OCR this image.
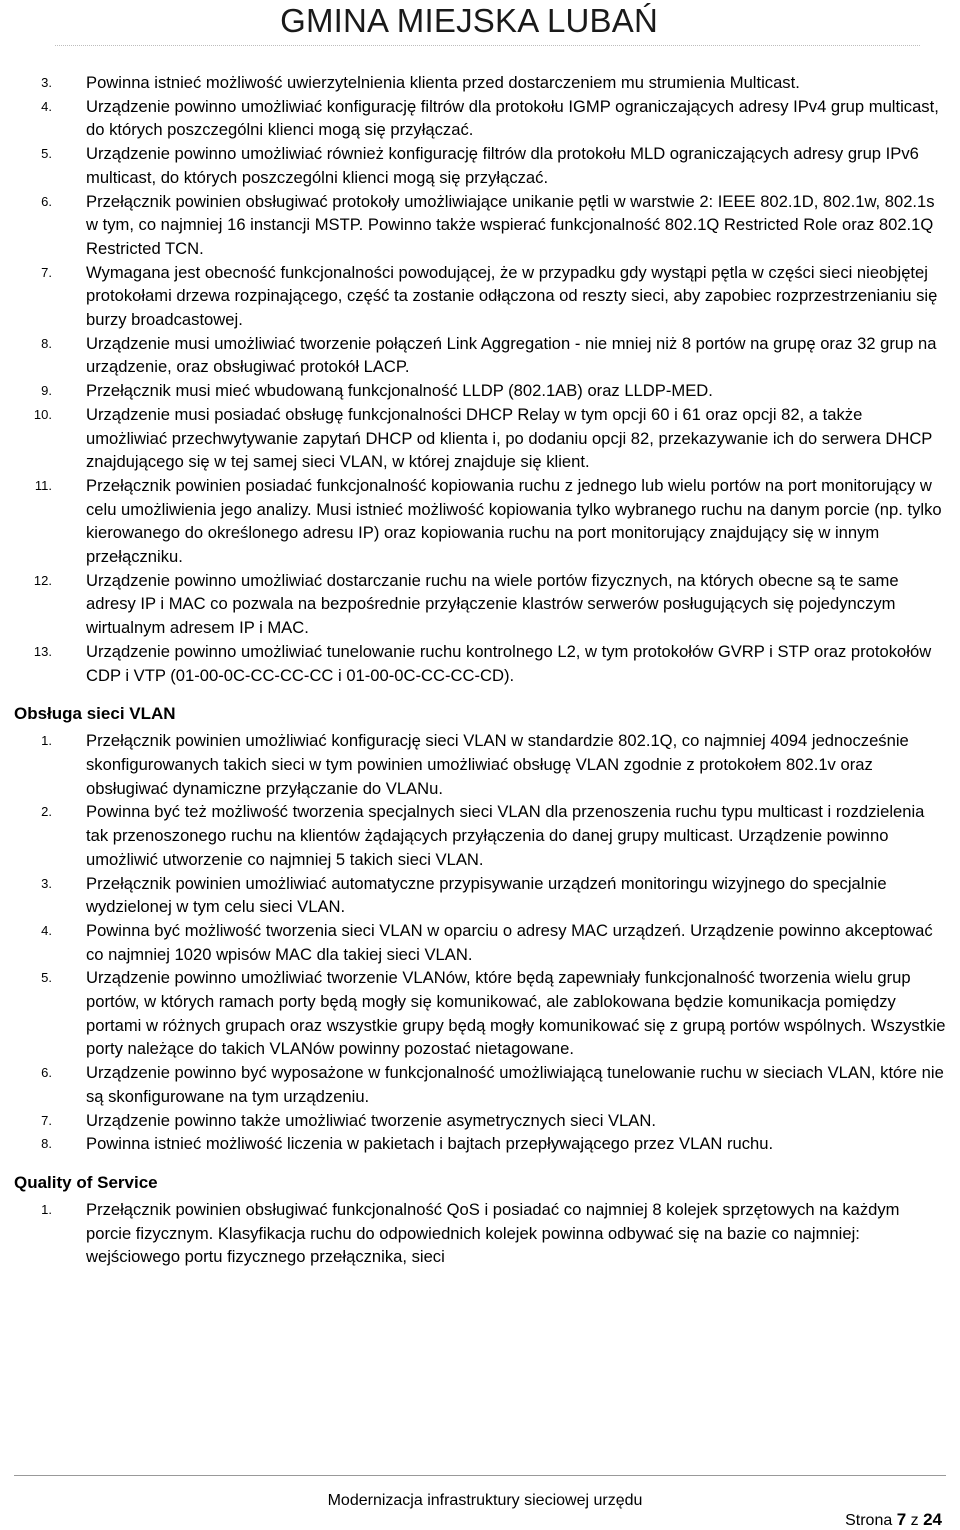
GMINA MIEJSKA LUBAŃ
3.	Powinna istnieć możliwość uwierzytelnienia klienta przed dostarczeniem mu strumienia Multicast.
4.	Urządzenie powinno umożliwiać konfigurację filtrów dla protokołu IGMP ograniczających adresy IPv4 grup multicast, do których poszczególni klienci mogą się przyłączać.
5.	Urządzenie powinno umożliwiać również konfigurację filtrów dla protokołu MLD ograniczających adresy grup IPv6 multicast, do których poszczególni klienci mogą się przyłączać.
6.	Przełącznik powinien obsługiwać protokoły umożliwiające unikanie pętli w warstwie 2: IEEE 802.1D, 802.1w, 802.1s w tym, co najmniej 16 instancji MSTP. Powinno także wspierać funkcjonalność 802.1Q Restricted Role oraz 802.1Q Restricted TCN.
7.	Wymagana jest obecność funkcjonalności powodującej, że w przypadku gdy wystąpi pętla w części sieci nieobjętej protokołami drzewa rozpinającego, część ta zostanie odłączona od reszty sieci, aby zapobiec rozprzestrzenianiu się burzy broadcastowej.
8.	Urządzenie musi umożliwiać tworzenie połączeń Link Aggregation - nie mniej niż 8 portów na grupę oraz 32 grup na urządzenie, oraz obsługiwać protokół LACP.
9.	Przełącznik musi mieć wbudowaną funkcjonalność LLDP (802.1AB) oraz LLDP-MED.
10.	Urządzenie musi posiadać obsługę funkcjonalności DHCP Relay w tym opcji 60 i 61 oraz opcji 82, a także umożliwiać przechwytywanie zapytań DHCP od klienta i, po dodaniu opcji 82, przekazywanie ich do serwera DHCP znajdującego się w tej samej sieci VLAN, w której znajduje się klient.
11.	Przełącznik powinien posiadać funkcjonalność kopiowania ruchu z jednego lub wielu portów na port monitorujący w celu umożliwienia jego analizy. Musi istnieć możliwość kopiowania tylko wybranego ruchu na danym porcie (np. tylko kierowanego do określonego adresu IP) oraz kopiowania ruchu na port monitorujący znajdujący się w innym przełączniku.
12.	Urządzenie powinno umożliwiać dostarczanie ruchu na wiele portów fizycznych, na których obecne są te same adresy IP i MAC co pozwala na bezpośrednie przyłączenie klastrów serwerów posługujących się pojedynczym wirtualnym adresem IP i MAC.
13.	Urządzenie powinno umożliwiać tunelowanie ruchu kontrolnego L2, w tym protokołów GVRP i STP oraz protokołów CDP i VTP (01-00-0C-CC-CC-CC i 01-00-0C-CC-CC-CD).
Obsługa sieci VLAN
1.	Przełącznik powinien umożliwiać konfigurację sieci VLAN w standardzie 802.1Q, co najmniej 4094 jednocześnie skonfigurowanych takich sieci w tym powinien umożliwiać obsługę VLAN zgodnie z protokołem 802.1v oraz obsługiwać dynamiczne przyłączanie do VLANu.
2.	Powinna być też możliwość tworzenia specjalnych sieci VLAN dla przenoszenia ruchu typu multicast i rozdzielenia tak przenoszonego ruchu na klientów żądających przyłączenia do danej grupy multicast. Urządzenie powinno umożliwić utworzenie co najmniej 5 takich sieci VLAN.
3.	Przełącznik powinien umożliwiać automatyczne przypisywanie urządzeń monitoringu wizyjnego do specjalnie wydzielonej w tym celu sieci VLAN.
4.	Powinna być możliwość tworzenia sieci VLAN w oparciu o adresy MAC urządzeń. Urządzenie powinno akceptować co najmniej 1020 wpisów MAC dla takiej sieci VLAN.
5.	Urządzenie powinno umożliwiać tworzenie VLANów, które będą zapewniały funkcjonalność tworzenia wielu grup portów, w których ramach porty będą mogły się komunikować, ale zablokowana będzie komunikacja pomiędzy portami w różnych grupach oraz wszystkie grupy będą mogły komunikować się z grupą portów wspólnych. Wszystkie porty należące do takich VLANów powinny pozostać nietagowane.
6.	Urządzenie powinno być wyposażone w funkcjonalność umożliwiającą tunelowanie ruchu w sieciach VLAN, które nie są skonfigurowane na tym urządzeniu.
7.	Urządzenie powinno także umożliwiać tworzenie asymetrycznych sieci VLAN.
8.	Powinna istnieć możliwość liczenia w pakietach i bajtach przepływającego przez VLAN ruchu.
Quality of Service
1.	Przełącznik powinien obsługiwać funkcjonalność QoS i posiadać co najmniej 8 kolejek sprzętowych na każdym porcie fizycznym. Klasyfikacja ruchu do odpowiednich kolejek powinna odbywać się na bazie co najmniej: wejściowego portu fizycznego przełącznika, sieci
Modernizacja infrastruktury sieciowej urzędu
Strona 7 z 24
